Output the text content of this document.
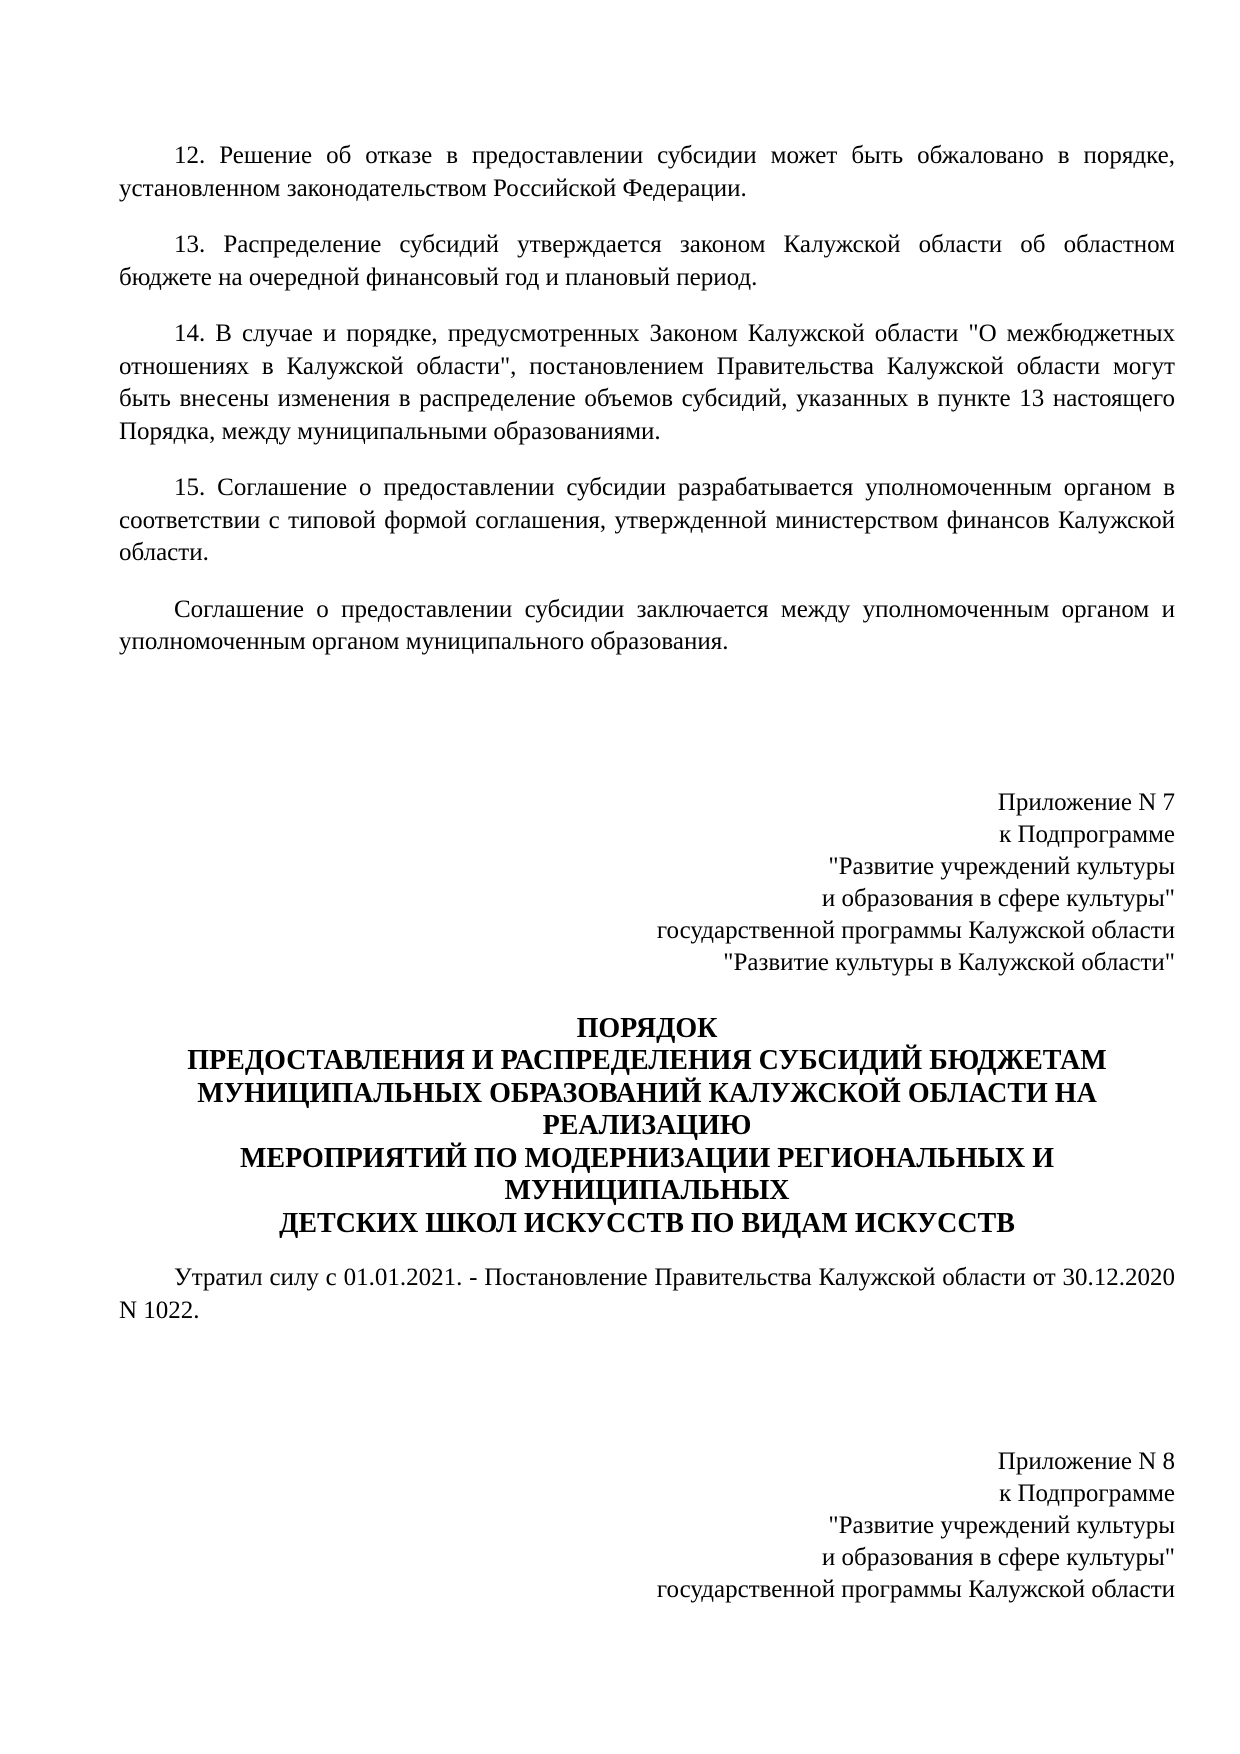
12. Решение об отказе в предоставлении субсидии может быть обжаловано в порядке, установленном законодательством Российской Федерации.

13. Распределение субсидий утверждается законом Калужской области об областном бюджете на очередной финансовый год и плановый период.

14. В случае и порядке, предусмотренных Законом Калужской области "О межбюджетных отношениях в Калужской области", постановлением Правительства Калужской области могут быть внесены изменения в распределение объемов субсидий, указанных в пункте 13 настоящего Порядка, между муниципальными образованиями.

15. Соглашение о предоставлении субсидии разрабатывается уполномоченным органом в соответствии с типовой формой соглашения, утвержденной министерством финансов Калужской области.

Соглашение о предоставлении субсидии заключается между уполномоченным органом и уполномоченным органом муниципального образования.

Приложение N 7
к Подпрограмме
"Развитие учреждений культуры
и образования в сфере культуры"
государственной программы Калужской области
"Развитие культуры в Калужской области"
ПОРЯДОК
ПРЕДОСТАВЛЕНИЯ И РАСПРЕДЕЛЕНИЯ СУБСИДИЙ БЮДЖЕТАМ
МУНИЦИПАЛЬНЫХ ОБРАЗОВАНИЙ КАЛУЖСКОЙ ОБЛАСТИ НА
РЕАЛИЗАЦИЮ
МЕРОПРИЯТИЙ ПО МОДЕРНИЗАЦИИ РЕГИОНАЛЬНЫХ И
МУНИЦИПАЛЬНЫХ
ДЕТСКИХ ШКОЛ ИСКУССТВ ПО ВИДАМ ИСКУССТВ

Утратил силу с 01.01.2021. - Постановление Правительства Калужской области от 30.12.2020 N 1022.

Приложение N 8
к Подпрограмме
"Развитие учреждений культуры
и образования в сфере культуры"
государственной программы Калужской области
